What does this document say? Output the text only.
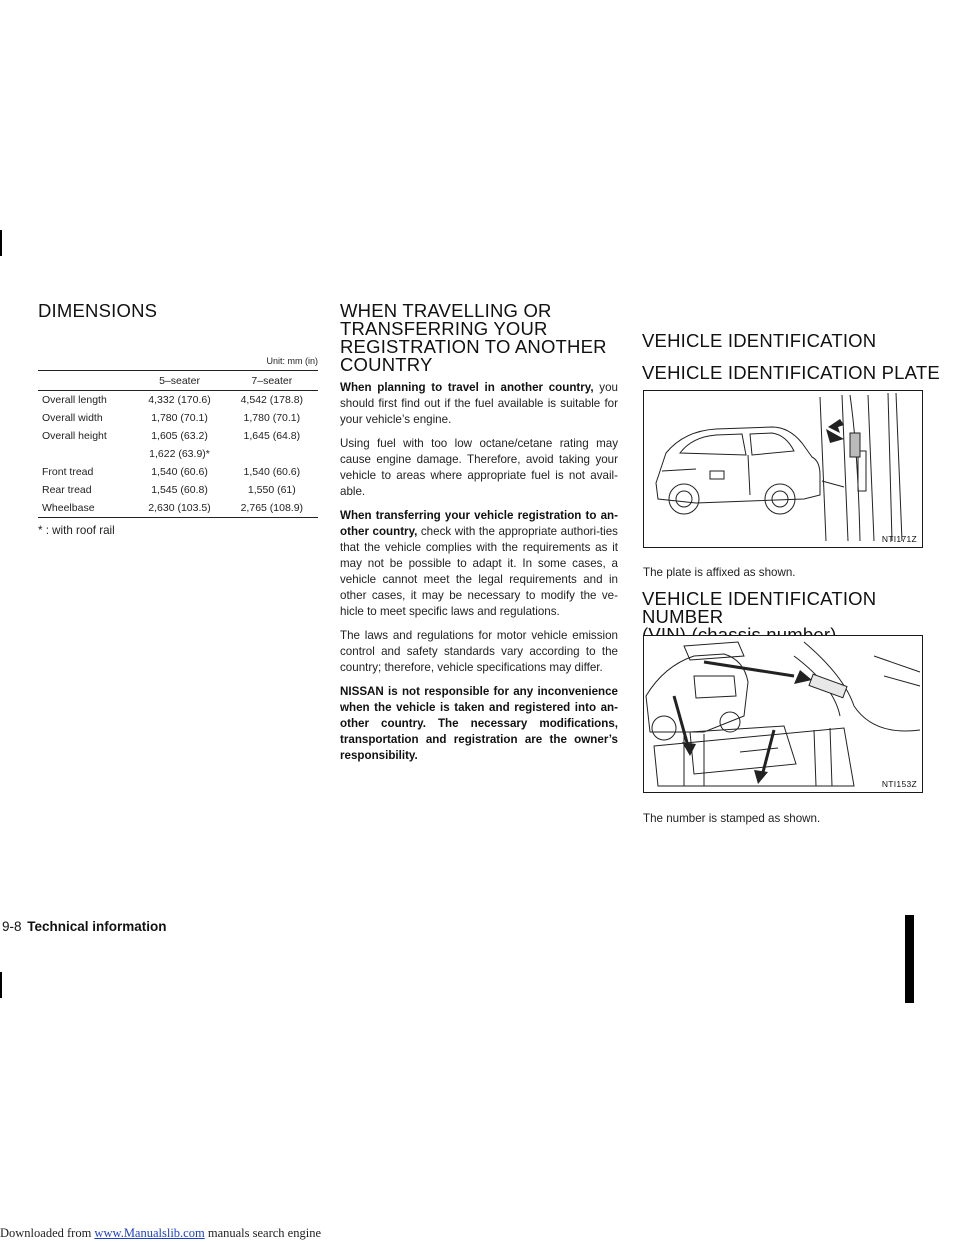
DIMENSIONS
Unit: mm (in)
	5–seater	7–seater
Overall length	4,332 (170.6)	4,542 (178.8)
Overall width	1,780 (70.1)	1,780 (70.1)
Overall height	1,605 (63.2)	1,645 (64.8)
	1,622 (63.9)*	
Front tread	1,540 (60.6)	1,540 (60.6)
Rear tread	1,545 (60.8)	1,550 (61)
Wheelbase	2,630 (103.5)	2,765 (108.9)
* : with roof rail
WHEN TRAVELLING OR
TRANSFERRING YOUR
REGISTRATION TO ANOTHER
COUNTRY

When planning to travel in another country, you should first find out if the fuel available is suitable for your vehicle’s engine.

Using fuel with too low octane/cetane rating may cause engine damage. Therefore, avoid taking your vehicle to areas where appropriate fuel is not avail-able.

When transferring your vehicle registration to an-other country, check with the appropriate authori-ties that the vehicle complies with the requirements as it may not be possible to adapt it. In some cases, a vehicle cannot meet the legal requirements and in other cases, it may be necessary to modify the ve-hicle to meet specific laws and regulations.

The laws and regulations for motor vehicle emission control and safety standards vary according to the country; therefore, vehicle specifications may differ.

NISSAN is not responsible for any inconvenience when the vehicle is taken and registered into an-other country. The necessary modifications, transportation and registration are the owner’s responsibility.

VEHICLE IDENTIFICATION
VEHICLE IDENTIFICATION PLATE
NTI171Z
The plate is affixed as shown.
VEHICLE IDENTIFICATION NUMBER

NTI153Z
The number is stamped as shown.
9-8 Technical information
Downloaded from www.Manualslib.com manuals search engine
